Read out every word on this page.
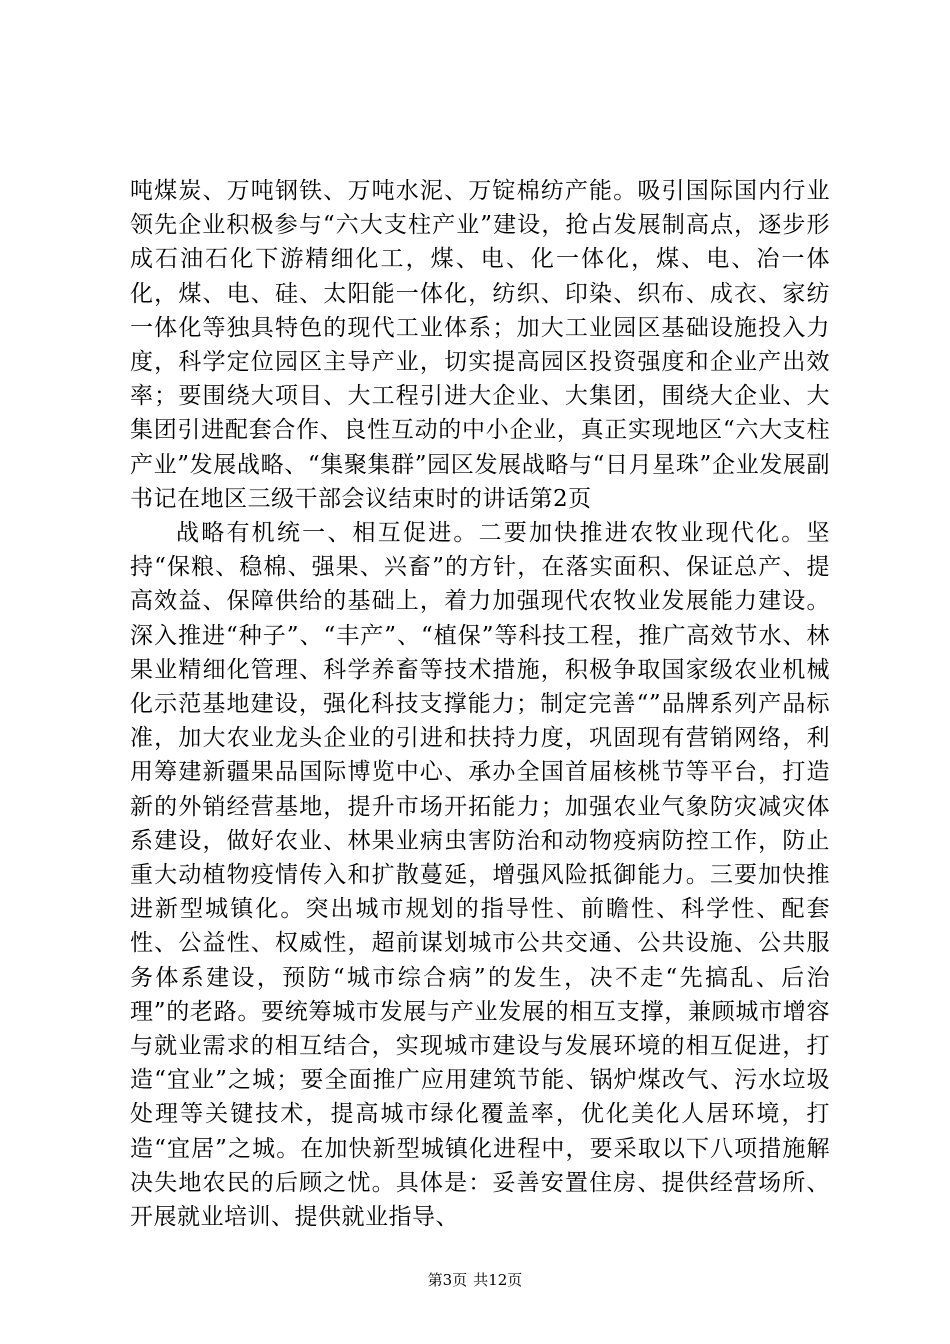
吨煤炭、万吨钢铁、万吨水泥、万锭棉纺产能。吸引国际国内行业领先企业积极参与“六大支柱产业”建设，抢占发展制高点，逐步形成石油石化下游精细化工，煤、电、化一体化，煤、电、冶一体化，煤、电、硅、太阳能一体化，纺织、印染、织布、成衣、家纺一体化等独具特色的现代工业体系；加大工业园区基础设施投入力度，科学定位园区主导产业，切实提高园区投资强度和企业产出效率；要围绕大项目、大工程引进大企业、大集团，围绕大企业、大集团引进配套合作、良性互动的中小企业，真正实现地区“六大支柱产业”发展战略、“集聚集群”园区发展战略与“日月星珠”企业发展副书记在地区三级干部会议结束时的讲话第2页

战略有机统一、相互促进。二要加快推进农牧业现代化。坚持“保粮、稳棉、强果、兴畜”的方针，在落实面积、保证总产、提高效益、保障供给的基础上，着力加强现代农牧业发展能力建设。深入推进“种子”、“丰产”、“植保”等科技工程，推广高效节水、林果业精细化管理、科学养畜等技术措施，积极争取国家级农业机械化示范基地建设，强化科技支撑能力；制定完善“”品牌系列产品标准，加大农业龙头企业的引进和扶持力度，巩固现有营销网络，利用筹建新疆果品国际博览中心、承办全国首届核桃节等平台，打造新的外销经营基地，提升市场开拓能力；加强农业气象防灾减灾体系建设，做好农业、林果业病虫害防治和动物疫病防控工作，防止重大动植物疫情传入和扩散蔓延，增强风险抵御能力。三要加快推进新型城镇化。突出城市规划的指导性、前瞻性、科学性、配套性、公益性、权威性，超前谋划城市公共交通、公共设施、公共服务体系建设，预防“城市综合病”的发生，决不走“先搞乱、后治理”的老路。要统筹城市发展与产业发展的相互支撑，兼顾城市增容与就业需求的相互结合，实现城市建设与发展环境的相互促进，打造“宜业”之城；要全面推广应用建筑节能、锅炉煤改气、污水垃圾处理等关键技术，提高城市绿化覆盖率，优化美化人居环境，打造“宜居”之城。在加快新型城镇化进程中，要采取以下八项措施解决失地农民的后顾之忧。具体是：妥善安置住房、提供经营场所、开展就业培训、提供就业指导、

第3页 共12页
